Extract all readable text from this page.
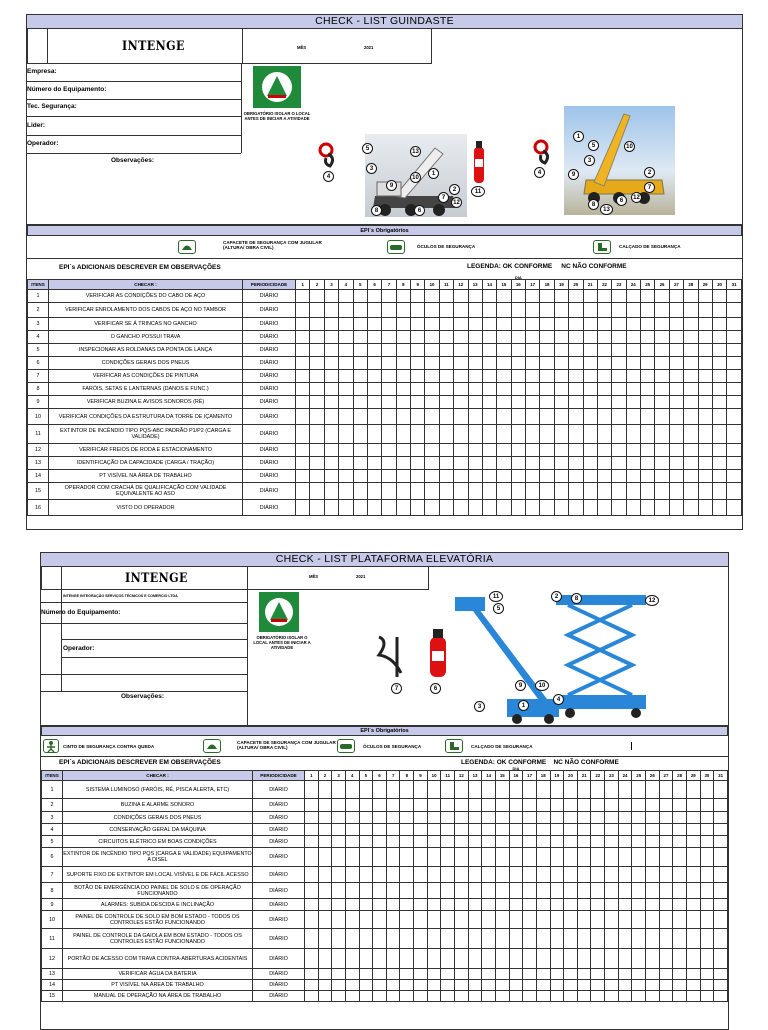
CHECK - LIST GUINDASTE
INTENGE	MÊS	2021
Empresa:
Número do Equipamento:
Tec. Segurança:
Lider:
Operador:
Observações:
OBRIGATÓRIO ISOLAR O LOCAL ANTES DE INICIAR A ATIVIDADE
4
5	13
3
10
1
9
2
7
12
8	6
11
4
1
5
3
10
9	2
7
12
6
8
13
EPI`s Obrigatórios
CAPACETE DE SEGURANÇA COM JUGULAR (ALTURA/ OBRA CIVIL)	ÓCULOS DE SEGURANÇA	CALÇADO DE SEGURANÇA
EPI`s ADICIONAIS DESCREVER EM OBSERVAÇÕES	LEGENDA: OK CONFORME     NC NÃO CONFORME
ITENS	CHECAR :	PERIODICIDADE	1	2	3	4	5	6	7	8	9	10	11	12	13	14	15	16
DIA	17	18	19	20	21	22	23	24	25	26	27	28	29	30	31
1	VERIFICAR AS CONDIÇÕES DO CABO DE AÇO	DIÁRIO																															
2	VERIFICAR ENROLAMENTO DOS CABOS DE AÇO NO TAMBOR	DIÁRIO																															
3	VERIFICAR SE Á TRINCAS NO GANCHO	DIÁRIO																															
4	O GANCHO POSSUI TRAVA	DIÁRIO																															
5	INSPECIONAR AS ROLDANAS DA PONTA DE LANÇA	DIÁRIO																															
6	CONDIÇÕES GERAIS DOS PNEUS	DIÁRIO																															
7	VERIFICAR AS CONDIÇÕES DE PINTURA	DIÁRIO																															
8	FARÓIS, SETAS E LANTERNAS (DANOS E FUNC.)	DIÁRIO																															
9	VERIFICAR BUZINA E AVISOS SONOROS (RÉ)	DIÁRIO																															
10	VERIFICAR CONDIÇÕES DA ESTRUTURA DA TORRE DE IÇAMENTO	DIÁRIO																															
11	EXTINTOR DE INCÊNDIO TIPO PQS-ABC PADRÃO P1/P2 (CARGA E VALIDADE)	DIÁRIO																															
12	VERIFICAR FREIOS DE RODA E ESTACIONAMENTO	DIÁRIO																															
13	IDENTIFICAÇÃO DA CAPACIDADE (CARGA / TRAÇÃO)	DIÁRIO																															
14	PT VISÍVEL NA ÁREA DE TRABALHO	DIÁRIO																															
15	OPERADOR COM CRACHÁ DE QUALIFICAÇÃO COM VALIDADE EQUIVALENTE AO ASO	DIÁRIO																															
16	VISTO DO OPERADOR	DIÁRIO																															
CHECK - LIST PLATAFORMA ELEVATÓRIA
INTENGE	MÊS	2021
INTENGE INTEGRAÇÃO SERVIÇOS TÉCNICOS E COMERCIO LTDA
Número do Equipamento:
Operador:
Observações:
OBRIGATÓRIO ISOLAR O LOCAL ANTES DE INICIAR A ATIVIDADE
11
5
2	8	12
7	6	9	10
4
3	1
EPI`s Obrigatórios
CINTO DE SEGURANÇA CONTRA QUEDA
CAPACETE DE SEGURANÇA COM JUGULAR (ALTURA/ OBRA CIVIL)	ÓCULOS DE SEGURANÇA	CALÇADO DE SEGURANÇA
EPI`s ADICIONAIS DESCREVER EM OBSERVAÇÕES	LEGENDA: OK CONFORME    NC NÃO CONFORME
ITENS	CHECAR :	PERIODICIDADE	1	2	3	4	5	6	7	8	9	10	11	12	13	14	15	16
DIA	17	18	19	20	21	22	23	24	25	26	27	28	29	30	31
1	SISTEMA LUMINOSO (FARÓIS, RÉ, PISCA ALERTA, ETC)	DIÁRIO																															
2	BUZINA E ALARME SONORO	DIÁRIO																															
3	CONDIÇÕES GERAIS DOS PNEUS	DIÁRIO																															
4	CONSERVAÇÃO GERAL DA MÁQUINA	DIÁRIO																															
5	CIRCUITOS ELÉTRICO EM BOAS CONDIÇÕES	DIÁRIO																															
6	EXTINTOR DE INCÊNDIO TIPO PQS (CARGA E VALIDADE) EQUIPAMENTO A DISEL	DIÁRIO																															
7	SUPORTE FIXO DE EXTINTOR EM LOCAL VISÍVEL E DE FÁCIL ACESSO	DIÁRIO																															
8	BOTÃO DE EMERGÊNCIA DO PAINEL DE SOLO E DE OPERAÇÃO FUNCIONANDO	DIÁRIO																															
9	ALARMES: SUBIDA DESCIDA E INCLINAÇÃO	DIÁRIO																															
10	PAINEL DE CONTROLE DE SOLO EM BOM ESTADO - TODOS OS CONTROLES ESTÃO FUNCIONANDO	DIÁRIO																															
11	PAINEL DE CONTROLE DA GAIOLA EM BOM ESTADO - TODOS OS CONTROLES ESTÃO FUNCIONANDO	DIÁRIO																															
12	PORTÃO DE ACESSO COM TRAVA CONTRA-ABERTURAS ACIDENTAIS	DIÁRIO																															
13	VERIFICAR ÁGUA DA BATERIA	DIÁRIO																															
14	PT VISÍVEL NA ÁREA DE TRABALHO	DIÁRIO																															
15	MANUAL DE OPERAÇÃO NA ÁREA DE TRABALHO	DIÁRIO																															
